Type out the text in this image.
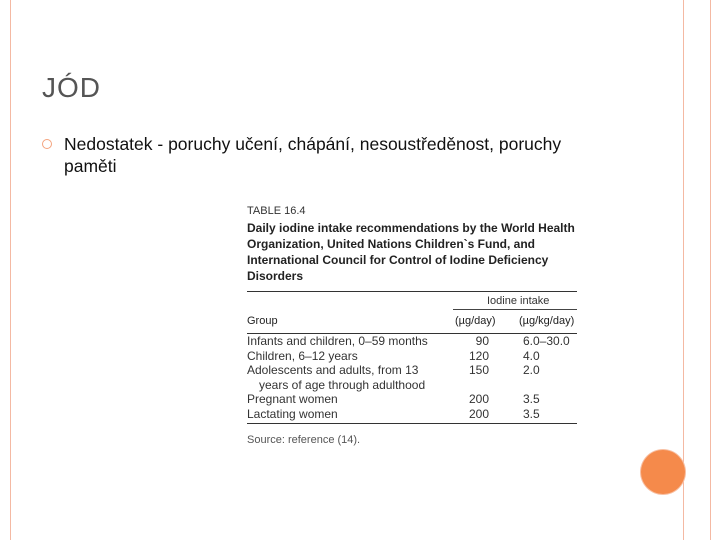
JÓD
Nedostatek - poruchy učení, chápání, nesoustředěnost, poruchy paměti
TABLE 16.4
Daily iodine intake recommendations by the World Health Organization, United Nations Children`s Fund, and International Council for Control of Iodine Deficiency Disorders
Iodine intake
Group	(µg/day) (µg/kg/day)
Infants and children, 0–59 months	90	6.0–30.0
Children, 6–12 years	120	4.0
Adolescents and adults, from 13	150	2.0
years of age through adulthood
Pregnant women	200	3.5
Lactating women	200	3.5
Source: reference (14).
